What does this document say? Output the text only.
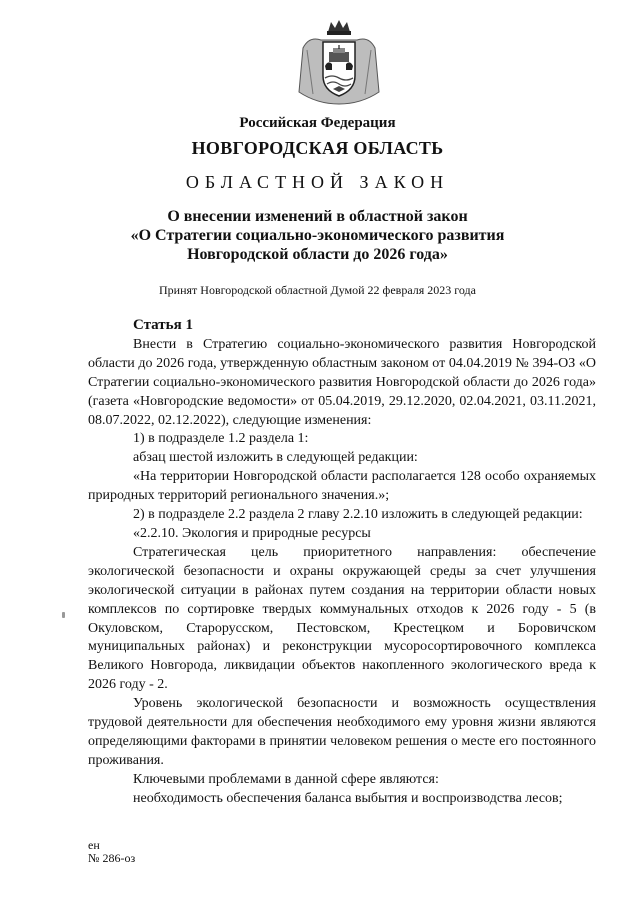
Российская Федерация
НОВГОРОДСКАЯ ОБЛАСТЬ
ОБЛАСТНОЙ ЗАКОН
О внесении изменений в областной закон
«О Стратегии социально-экономического развития
Новгородской области до 2026 года»
Принят Новгородской областной Думой 22 февраля 2023 года

Статья 1

Внести в Стратегию социально-экономического развития Новгородской области до 2026 года, утвержденную областным законом от 04.04.2019 № 394-ОЗ «О Стратегии социально-экономического развития Новгородской области до 2026 года» (газета «Новгородские ведомости» от 05.04.2019, 29.12.2020, 02.04.2021, 03.11.2021, 08.07.2022, 02.12.2022), следующие изменения:

1) в подразделе 1.2 раздела 1:

абзац шестой изложить в следующей редакции:

«На территории Новгородской области располагается 128 особо охраняемых природных территорий регионального значения.»;

2) в подразделе 2.2 раздела 2 главу 2.2.10 изложить в следующей редакции:

«2.2.10. Экология и природные ресурсы

Стратегическая цель приоритетного направления: обеспечение экологической безопасности и охраны окружающей среды за счет улучшения экологической ситуации в районах путем создания на территории области новых комплексов по сортировке твердых коммунальных отходов к 2026 году - 5 (в Окуловском, Старорусском, Пестовском, Крестецком и Боровичском муниципальных районах) и реконструкции мусоросортировочного комплекса Великого Новгорода, ликвидации объектов накопленного экологического вреда к 2026 году - 2.

Уровень экологической безопасности и возможность осуществления трудовой деятельности для обеспечения необходимого ему уровня жизни являются определяющими факторами в принятии человеком решения о месте его постоянного проживания.

Ключевыми проблемами в данной сфере являются:

необходимость обеспечения баланса выбытия и воспроизводства лесов;

ен
№ 286-оз
